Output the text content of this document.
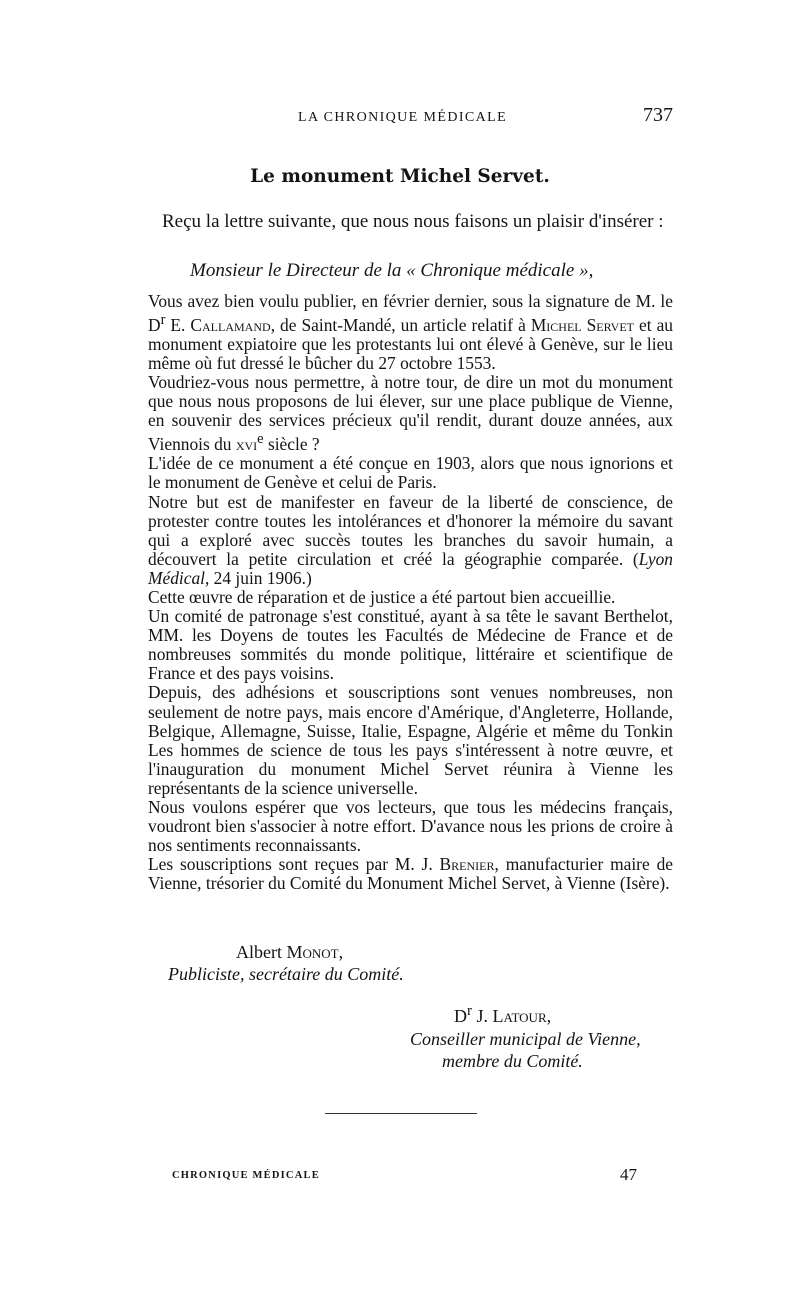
LA CHRONIQUE MÉDICALE	737
Le monument Michel Servet.
Reçu la lettre suivante, que nous nous faisons un plaisir d'insérer :
Monsieur le Directeur de la « Chronique médicale »,

Vous avez bien voulu publier, en février dernier, sous la signature de M. le $D^r$ E. Callamand, de Saint-Mandé, un article relatif à Michel Servet et au monument expiatoire que les protestants lui ont élevé à Genève, sur le lieu même où fut dressé le bûcher du 27 octobre 1553.

Voudriez-vous nous permettre, à notre tour, de dire un mot du monument que nous nous proposons de lui élever, sur une place publique de Vienne, en souvenir des services précieux qu'il rendit, durant douze années, aux Viennois du xvi$^e$ siècle ?

L'idée de ce monument a été conçue en 1903, alors que nous ignorions et le monument de Genève et celui de Paris.

Notre but est de manifester en faveur de la liberté de conscience, de protester contre toutes les intolérances et d'honorer la mémoire du savant qui a exploré avec succès toutes les branches du savoir humain, a découvert la petite circulation et créé la géographie comparée. (Lyon Médical, 24 juin 1906.)

Cette œuvre de réparation et de justice a été partout bien accueillie.

Un comité de patronage s'est constitué, ayant à sa tête le savant Berthelot, MM. les Doyens de toutes les Facultés de Médecine de France et de nombreuses sommités du monde politique, littéraire et scientifique de France et des pays voisins.

Depuis, des adhésions et souscriptions sont venues nombreuses, non seulement de notre pays, mais encore d'Amérique, d'Angleterre, Hollande, Belgique, Allemagne, Suisse, Italie, Espagne, Algérie et même du Tonkin Les hommes de science de tous les pays s'intéressent à notre œuvre, et l'inauguration du monument Michel Servet réunira à Vienne les représentants de la science universelle.

Nous voulons espérer que vos lecteurs, que tous les médecins français, voudront bien s'associer à notre effort. D'avance nous les prions de croire à nos sentiments reconnaissants.

Les souscriptions sont reçues par M. J. Brenier, manufacturier maire de Vienne, trésorier du Comité du Monument Michel Servet, à Vienne (Isère).

Albert Monot,
Publiciste, secrétaire du Comité.
$D^r$ J. Latour,
Conseiller municipal de Vienne,
membre du Comité.
CHRONIQUE MÉDICALE	47
